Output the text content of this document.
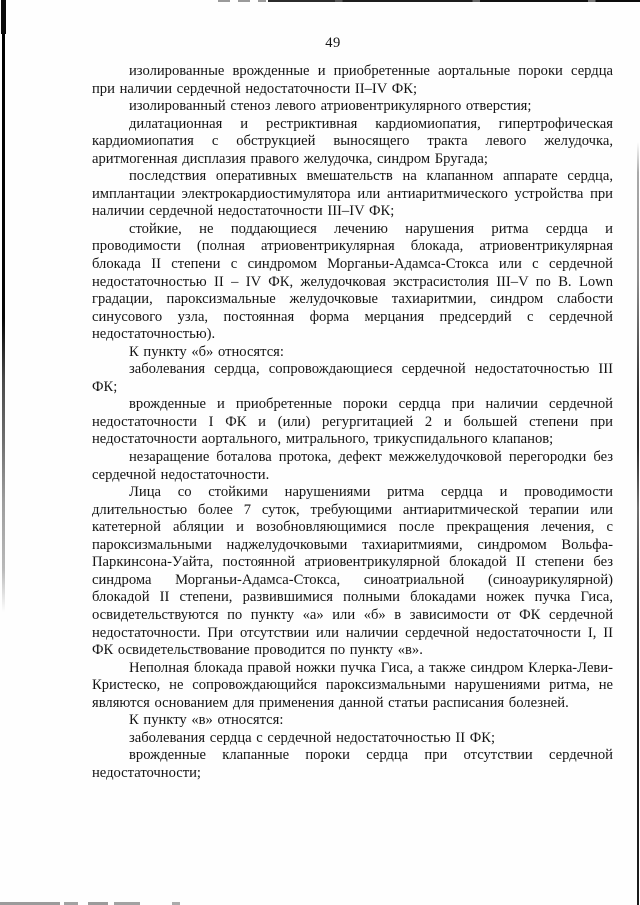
49

изолированные врожденные и приобретенные аортальные пороки сердца при наличии сердечной недостаточности II–IV ФК;

изолированный стеноз левого атриовентрикулярного отверстия;

дилатационная и рестриктивная кардиомиопатия, гипертрофическая кардиомиопатия с обструкцией выносящего тракта левого желудочка, аритмогенная дисплазия правого желудочка, синдром Бругада;

последствия оперативных вмешательств на клапанном аппарате сердца, имплантации электрокардиостимулятора или антиаритмического устройства при наличии сердечной недостаточности III–IV ФК;

стойкие, не поддающиеся лечению нарушения ритма сердца и проводимости (полная атриовентрикулярная блокада, атриовентрикулярная блокада II степени с синдромом Морганьи-Адамса-Стокса или с сердечной недостаточностью II – IV ФК, желудочковая экстрасистолия III–V по B. Lown градации, пароксизмальные желудочковые тахиаритмии, синдром слабости синусового узла, постоянная форма мерцания предсердий с сердечной недостаточностью).

К пункту «б» относятся:

заболевания сердца, сопровождающиеся сердечной недостаточностью III ФК;

врожденные и приобретенные пороки сердца при наличии сердечной недостаточности I ФК и (или) регургитацией 2 и большей степени при недостаточности аортального, митрального, трикуспидального клапанов;

незаращение боталова протока, дефект межжелудочковой перегородки без сердечной недостаточности.

Лица со стойкими нарушениями ритма сердца и проводимости длительностью более 7 суток, требующими антиаритмической терапии или катетерной абляции и возобновляющимися после прекращения лечения, с пароксизмальными наджелудочковыми тахиаритмиями, синдромом Вольфа-Паркинсона-Уайта, постоянной атриовентрикулярной блокадой II степени без синдрома Морганьи-Адамса-Стокса, синоатриальной (синоаурикулярной) блокадой II степени, развившимися полными блокадами ножек пучка Гиса, освидетельствуются по пункту «а» или «б» в зависимости от ФК сердечной недостаточности. При отсутствии или наличии сердечной недостаточности I, II ФК освидетельствование проводится по пункту «в».

Неполная блокада правой ножки пучка Гиса, а также синдром Клерка-Леви-Кристеско, не сопровождающийся пароксизмальными нарушениями ритма, не являются основанием для применения данной статьи расписания болезней.

К пункту «в» относятся:

заболевания сердца с сердечной недостаточностью II ФК;

врожденные клапанные пороки сердца при отсутствии сердечной недостаточности;
